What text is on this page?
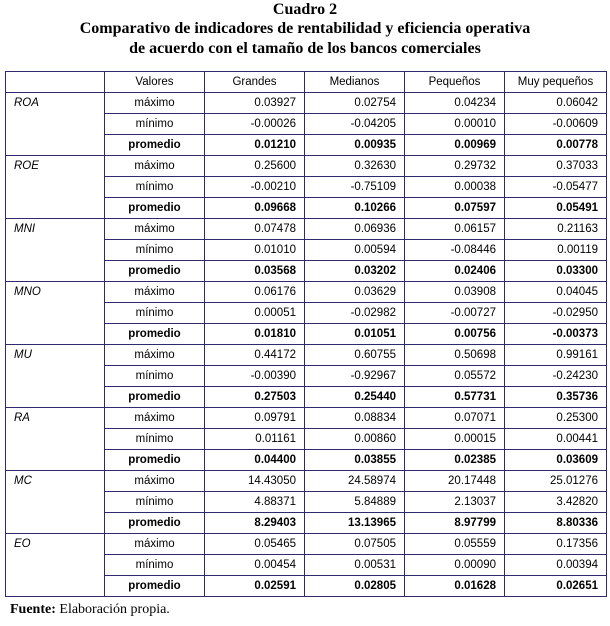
Cuadro 2
Comparativo de indicadores de rentabilidad y eficiencia operativa
de acuerdo con el tamaño de los bancos comerciales
	Valores	Grandes	Medianos	Pequeños	Muy pequeños
ROA	máximo	0.03927	0.02754	0.04234	0.06042
	mínimo	-0.00026	-0.04205	0.00010	-0.00609
	promedio	0.01210	0.00935	0.00969	0.00778
ROE	máximo	0.25600	0.32630	0.29732	0.37033
	mínimo	-0.00210	-0.75109	0.00038	-0.05477
	promedio	0.09668	0.10266	0.07597	0.05491
MNI	máximo	0.07478	0.06936	0.06157	0.21163
	mínimo	0.01010	0.00594	-0.08446	0.00119
	promedio	0.03568	0.03202	0.02406	0.03300
MNO	máximo	0.06176	0.03629	0.03908	0.04045
	mínimo	0.00051	-0.02982	-0.00727	-0.02950
	promedio	0.01810	0.01051	0.00756	-0.00373
MU	máximo	0.44172	0.60755	0.50698	0.99161
	mínimo	-0.00390	-0.92967	0.05572	-0.24230
	promedio	0.27503	0.25440	0.57731	0.35736
RA	máximo	0.09791	0.08834	0.07071	0.25300
	mínimo	0.01161	0.00860	0.00015	0.00441
	promedio	0.04400	0.03855	0.02385	0.03609
MC	máximo	14.43050	24.58974	20.17448	25.01276
	mínimo	4.88371	5.84889	2.13037	3.42820
	promedio	8.29403	13.13965	8.97799	8.80336
EO	máximo	0.05465	0.07505	0.05559	0.17356
	mínimo	0.00454	0.00531	0.00090	0.00394
	promedio	0.02591	0.02805	0.01628	0.02651
Fuente: Elaboración propia.
